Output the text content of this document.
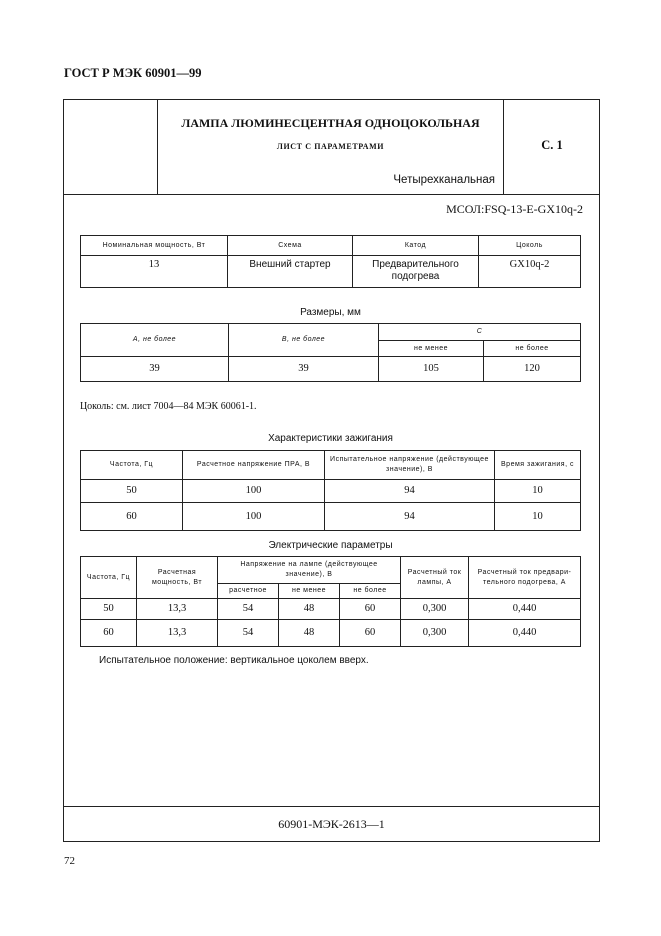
ГОСТ Р МЭК 60901—99
ЛАМПА ЛЮМИНЕСЦЕНТНАЯ ОДНОЦОКОЛЬНАЯ
ЛИСТ С ПАРАМЕТРАМИ
Четырехканальная
С. 1
МСОЛ:FSQ-13-E-GX10q-2
60901-МЭК-2613—1
Номинальная мощность, Вт	Схема	Катод	Цоколь
13	Внешний стартер	Предварительного подогрева	GX10q-2
Размеры, мм
A, не более	B, не более	C	
		не менее	не более
39	39	105	120
Цоколь: см. лист 7004—84 МЭК 60061-1.
Характеристики зажигания
Частота, Гц	Расчетное напряжение ПРА, В	Испытательное напряжение (действующее значение), В	Время зажигания, с
50	100	94	10
60	100	94	10
Электрические параметры
Частота, Гц	Расчетная мощность, Вт	Напряжение на лампе (действующее значение), В			Расчетный ток лампы, А	Расчетный ток предвари-тельного подогрева, А
		расчетное	не менее	не более		
50	13,3	54	48	60	0,300	0,440
60	13,3	54	48	60	0,300	0,440
Испытательное положение: вертикальное цоколем вверх.
72
